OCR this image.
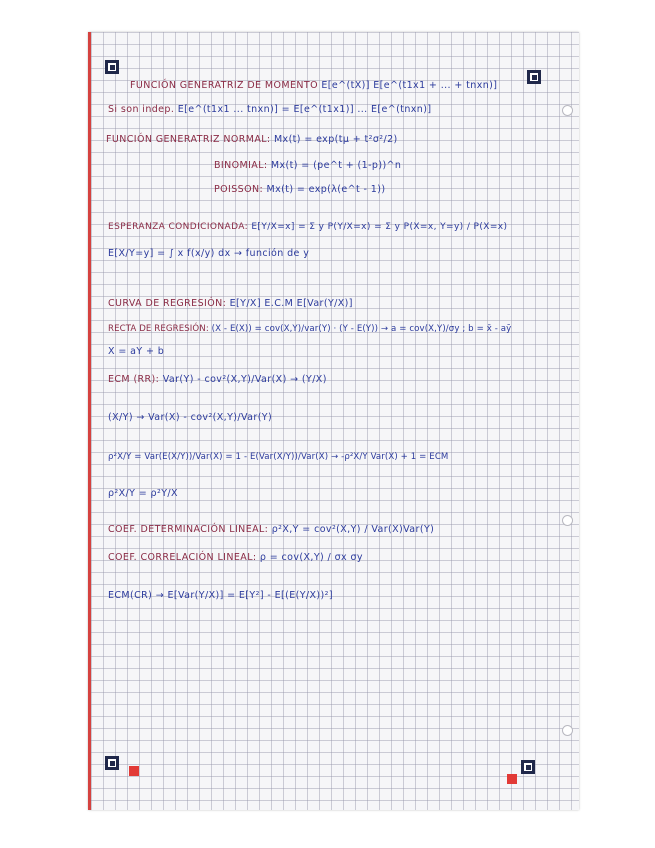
FUNCIÓN GENERATRIZ DE MOMENTO E[e^(tX)] E[e^(t1x1 + ... + tnxn)]
Si son indep. E[e^(t1x1 ... tnxn)] = E[e^(t1x1)] ... E[e^(tnxn)]
FUNCIÓN GENERATRIZ NORMAL: Mx(t) = exp(tμ + t²σ²/2)
BINOMIAL: Mx(t) = (pe^t + (1-p))^n
POISSON: Mx(t) = exp(λ(e^t - 1))
ESPERANZA CONDICIONADA: E[Y/X=x] = Σ y P(Y/X=x) = Σ y P(X=x, Y=y) / P(X=x)
E[X/Y=y] = ∫ x f(x/y) dx → función de y
CURVA DE REGRESIÓN: E[Y/X] E.C.M E[Var(Y/X)]
RECTA DE REGRESIÓN: (X - E(X)) = cov(X,Y)/var(Y) · (Y - E(Y)) → a = cov(X,Y)/σy ; b = x̄ - aȳ
X = aY + b
ECM (RR): Var(Y) - cov²(X,Y)/Var(X) → (Y/X)
(X/Y) → Var(X) - cov²(X,Y)/Var(Y)
ρ²X/Y = Var(E(X/Y))/Var(X) = 1 - E(Var(X/Y))/Var(X) → -ρ²X/Y Var(X) + 1 = ECM
ρ²X/Y = ρ²Y/X
COEF. DETERMINACIÓN LINEAL: ρ²X,Y = cov²(X,Y) / Var(X)Var(Y)
COEF. CORRELACIÓN LINEAL: ρ = cov(X,Y) / σx σy
ECM(CR) → E[Var(Y/X)] = E[Y²] - E[(E(Y/X))²]
